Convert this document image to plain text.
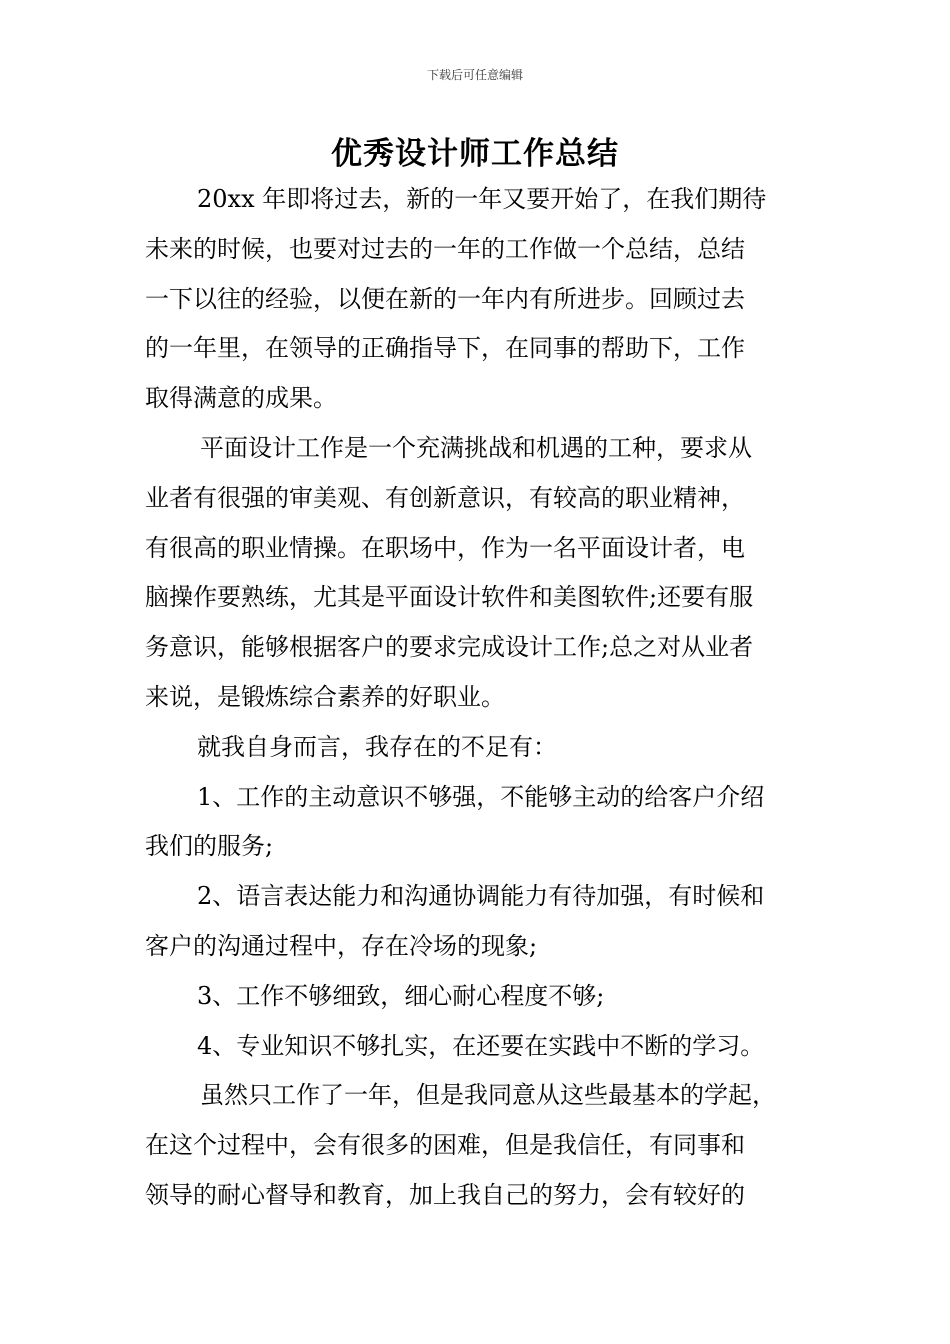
下载后可任意编辑
优秀设计师工作总结
20xx 年即将过去，新的一年又要开始了，在我们期待
未来的时候，也要对过去的一年的工作做一个总结，总结
一下以往的经验，以便在新的一年内有所进步。回顾过去
的一年里，在领导的正确指导下，在同事的帮助下，工作
取得满意的成果。
平面设计工作是一个充满挑战和机遇的工种，要求从
业者有很强的审美观、有创新意识，有较高的职业精神，
有很高的职业情操。在职场中，作为一名平面设计者，电
脑操作要熟练，尤其是平面设计软件和美图软件;还要有服
务意识，能够根据客户的要求完成设计工作;总之对从业者
来说，是锻炼综合素养的好职业。
就我自身而言，我存在的不足有：
1、工作的主动意识不够强，不能够主动的给客户介绍
我们的服务;
2、语言表达能力和沟通协调能力有待加强，有时候和
客户的沟通过程中，存在冷场的现象;
3、工作不够细致，细心耐心程度不够;
4、专业知识不够扎实，在还要在实践中不断的学习。
虽然只工作了一年，但是我同意从这些最基本的学起，
在这个过程中，会有很多的困难，但是我信任，有同事和
领导的耐心督导和教育，加上我自己的努力，会有较好的
